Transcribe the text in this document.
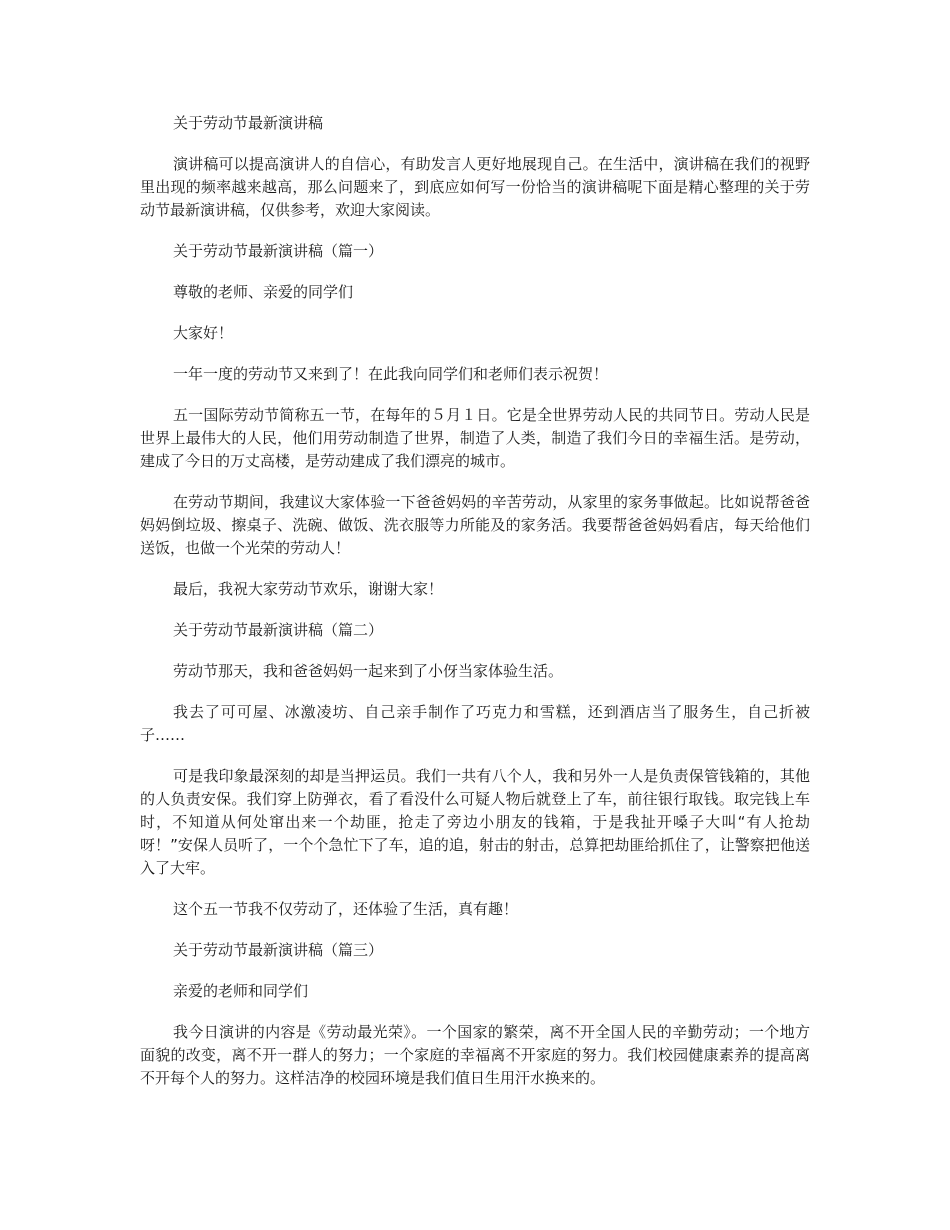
关于劳动节最新演讲稿

演讲稿可以提高演讲人的自信心，有助发言人更好地展现自己。在生活中，演讲稿在我们的视野里出现的频率越来越高，那么问题来了，到底应如何写一份恰当的演讲稿呢下面是精心整理的关于劳动节最新演讲稿，仅供参考，欢迎大家阅读。

关于劳动节最新演讲稿（篇一）

尊敬的老师、亲爱的同学们

大家好！

一年一度的劳动节又来到了！在此我向同学们和老师们表示祝贺！

五一国际劳动节简称五一节，在每年的５月１日。它是全世界劳动人民的共同节日。劳动人民是世界上最伟大的人民，他们用劳动制造了世界，制造了人类，制造了我们今日的幸福生活。是劳动，建成了今日的万丈高楼，是劳动建成了我们漂亮的城市。

在劳动节期间，我建议大家体验一下爸爸妈妈的辛苦劳动，从家里的家务事做起。比如说帮爸爸妈妈倒垃圾、擦桌子、洗碗、做饭、洗衣服等力所能及的家务活。我要帮爸爸妈妈看店，每天给他们送饭，也做一个光荣的劳动人！

最后，我祝大家劳动节欢乐，谢谢大家！

关于劳动节最新演讲稿（篇二）

劳动节那天，我和爸爸妈妈一起来到了小伢当家体验生活。

我去了可可屋、冰激凌坊、自己亲手制作了巧克力和雪糕，还到酒店当了服务生，自己折被子……

可是我印象最深刻的却是当押运员。我们一共有八个人，我和另外一人是负责保管钱箱的，其他的人负责安保。我们穿上防弹衣，看了看没什么可疑人物后就登上了车，前往银行取钱。取完钱上车时，不知道从何处窜出来一个劫匪，抢走了旁边小朋友的钱箱，于是我扯开嗓子大叫“有人抢劫呀！”安保人员听了，一个个急忙下了车，追的追，射击的射击，总算把劫匪给抓住了，让警察把他送入了大牢。

这个五一节我不仅劳动了，还体验了生活，真有趣！

关于劳动节最新演讲稿（篇三）

亲爱的老师和同学们

我今日演讲的内容是《劳动最光荣》。一个国家的繁荣，离不开全国人民的辛勤劳动；一个地方面貌的改变，离不开一群人的努力；一个家庭的幸福离不开家庭的努力。我们校园健康素养的提高离不开每个人的努力。这样洁净的校园环境是我们值日生用汗水换来的。
